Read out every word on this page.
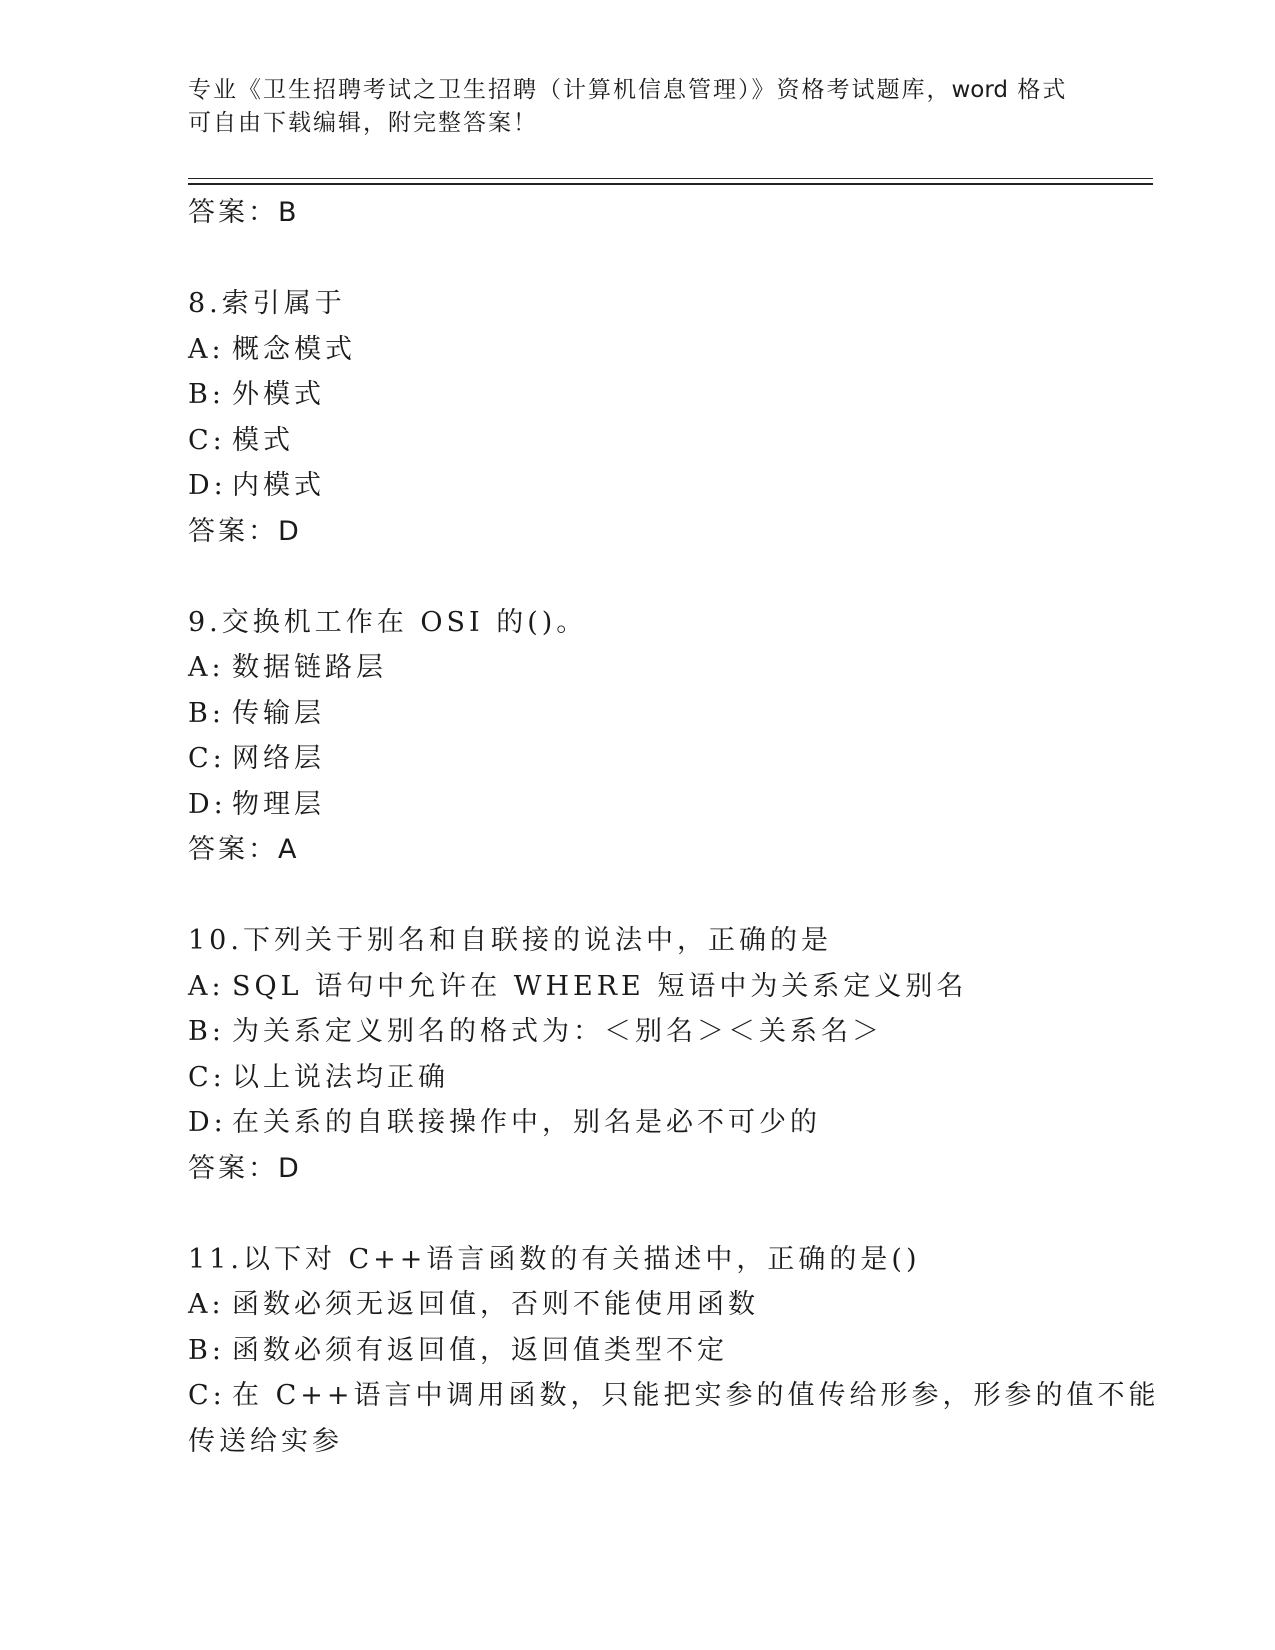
专业《卫生招聘考试之卫生招聘（计算机信息管理）》资格考试题库，word 格式
可自由下载编辑，附完整答案！
答案：B
8.索引属于
A: 概念模式
B: 外模式
C: 模式
D: 内模式
答案：D
9.交换机工作在 OSI 的()。
A: 数据链路层
B: 传输层
C: 网络层
D: 物理层
答案：A
10.下列关于别名和自联接的说法中，正确的是
A: SQL 语句中允许在 WHERE 短语中为关系定义别名
B: 为关系定义别名的格式为：＜别名＞＜关系名＞
C: 以上说法均正确
D: 在关系的自联接操作中，别名是必不可少的
答案：D
11.以下对 C++语言函数的有关描述中，正确的是()
A: 函数必须无返回值，否则不能使用函数
B: 函数必须有返回值，返回值类型不定
C: 在 C++语言中调用函数，只能把实参的值传给形参，形参的值不能
传送给实参
